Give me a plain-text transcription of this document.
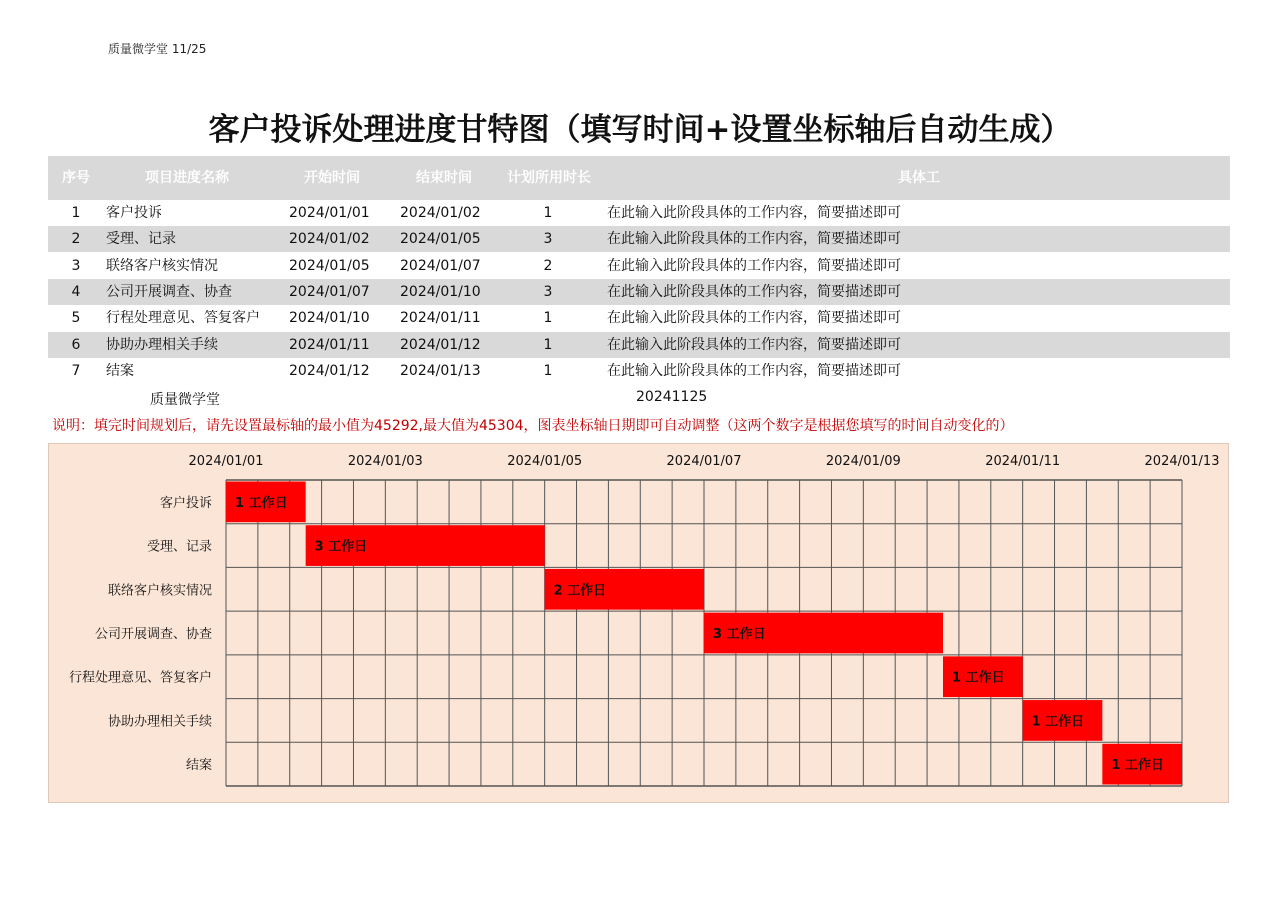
质量微学堂 11/25
客户投诉处理进度甘特图（填写时间+设置坐标轴后自动生成）
序号	项目进度名称	开始时间	结束时间	计划所用时长	具体工
1	客户投诉	2024/01/01	2024/01/02	1	在此输入此阶段具体的工作内容，简要描述即可
2	受理、记录	2024/01/02	2024/01/05	3	在此输入此阶段具体的工作内容，简要描述即可
3	联络客户核实情况	2024/01/05	2024/01/07	2	在此输入此阶段具体的工作内容，简要描述即可
4	公司开展调查、协查	2024/01/07	2024/01/10	3	在此输入此阶段具体的工作内容，简要描述即可
5	行程处理意见、答复客户	2024/01/10	2024/01/11	1	在此输入此阶段具体的工作内容，简要描述即可
6	协助办理相关手续	2024/01/11	2024/01/12	1	在此输入此阶段具体的工作内容，简要描述即可
7	结案	2024/01/12	2024/01/13	1	在此输入此阶段具体的工作内容，简要描述即可
质量微学堂	20241125
说明：填完时间规划后，请先设置最标轴的最小值为45292,最大值为45304，图表坐标轴日期即可自动调整（这两个数字是根据您填写的时间自动变化的）
2024/01/01	2024/01/03	2024/01/05	2024/01/07	2024/01/09	2024/01/11	2024/01/13
1 工作日
客户投诉
3 工作日
受理、记录
2 工作日
联络客户核实情况
3 工作日
公司开展调查、协查
1 工作日
行程处理意见、答复客户
1 工作日
协助办理相关手续
1 工作日
结案
